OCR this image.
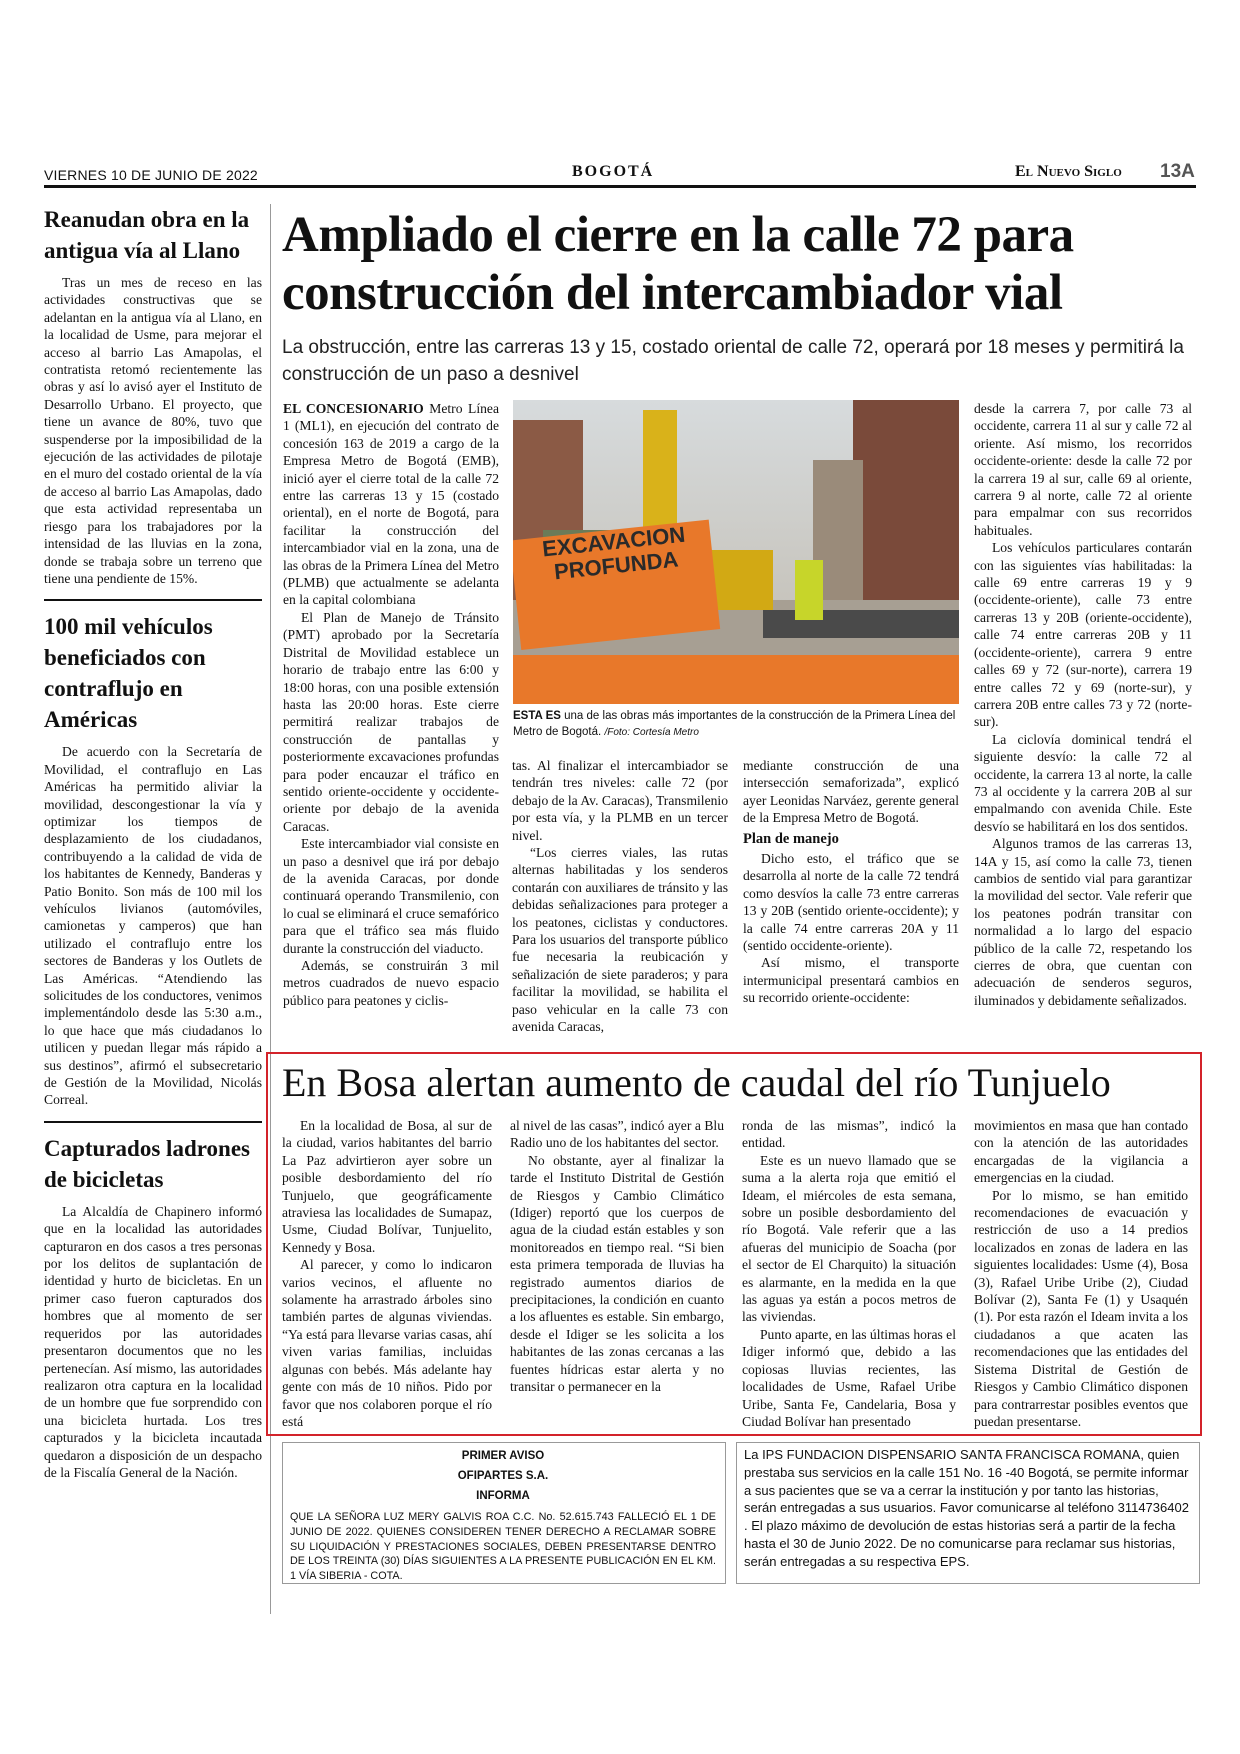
VIERNES 10 DE JUNIO DE 2022	BOGOTÁ	El Nuevo Siglo 13A
Reanudan obra en la antigua vía al Llano

Tras un mes de receso en las actividades constructivas que se adelantan en la antigua vía al Llano, en la localidad de Usme, para mejorar el acceso al barrio Las Amapolas, el contratista retomó recientemente las obras y así lo avisó ayer el Instituto de Desarrollo Urbano. El proyecto, que tiene un avance de 80%, tuvo que suspenderse por la imposibilidad de la ejecución de las actividades de pilotaje en el muro del costado oriental de la vía de acceso al barrio Las Amapolas, dado que esta actividad representaba un riesgo para los trabajadores por la intensidad de las lluvias en la zona, donde se trabaja sobre un terreno que tiene una pendiente de 15%.

100 mil vehículos beneficiados con contraflujo en Américas

De acuerdo con la Secretaría de Movilidad, el contraflujo en Las Américas ha permitido aliviar la movilidad, descongestionar la vía y optimizar los tiempos de desplazamiento de los ciudadanos, contribuyendo a la calidad de vida de los habitantes de Kennedy, Banderas y Patio Bonito. Son más de 100 mil los vehículos livianos (automóviles, camionetas y camperos) que han utilizado el contraflujo entre los sectores de Banderas y los Outlets de Las Américas. “Atendiendo las solicitudes de los conductores, venimos implementándolo desde las 5:30 a.m., lo que hace que más ciudadanos lo utilicen y puedan llegar más rápido a sus destinos”, afirmó el subsecretario de Gestión de la Movilidad, Nicolás Correal.

Capturados ladrones de bicicletas

La Alcaldía de Chapinero informó que en la localidad las autoridades capturaron en dos casos a tres personas por los delitos de suplantación de identidad y hurto de bicicletas. En un primer caso fueron capturados dos hombres que al momento de ser requeridos por las autoridades presentaron documentos que no les pertenecían. Así mismo, las autoridades realizaron otra captura en la localidad de un hombre que fue sorprendido con una bicicleta hurtada. Los tres capturados y la bicicleta incautada quedaron a disposición de un despacho de la Fiscalía General de la Nación.

Ampliado el cierre en la calle 72 para construcción del intercambiador vial

La obstrucción, entre las carreras 13 y 15, costado oriental de calle 72, operará por 18 meses y permitirá la construcción de un paso a desnivel

EL CONCESIONARIO Metro Línea 1 (ML1), en ejecución del contrato de concesión 163 de 2019 a cargo de la Empresa Metro de Bogotá (EMB), inició ayer el cierre total de la calle 72 entre las carreras 13 y 15 (costado oriental), en el norte de Bogotá, para facilitar la construcción del intercambiador vial en la zona, una de las obras de la Primera Línea del Metro (PLMB) que actualmente se adelanta en la capital colombiana

El Plan de Manejo de Tránsito (PMT) aprobado por la Secretaría Distrital de Movilidad establece un horario de trabajo entre las 6:00 y 18:00 horas, con una posible extensión hasta las 20:00 horas. Este cierre permitirá realizar trabajos de construcción de pantallas y posteriormente excavaciones profundas para poder encauzar el tráfico en sentido oriente-occidente y occidente-oriente por debajo de la avenida Caracas.

Este intercambiador vial consiste en un paso a desnivel que irá por debajo de la avenida Caracas, por donde continuará operando Transmilenio, con lo cual se eliminará el cruce semafórico para que el tráfico sea más fluido durante la construcción del viaducto.

Además, se construirán 3 mil metros cuadrados de nuevo espacio público para peatones y ciclis-

EXCAVACION PROFUNDA
ESTA ES una de las obras más importantes de la construcción de la Primera Línea del Metro de Bogotá. /Foto: Cortesía Metro

tas. Al finalizar el intercambiador se tendrán tres niveles: calle 72 (por debajo de la Av. Caracas), Transmilenio por esta vía, y la PLMB en un tercer nivel.

“Los cierres viales, las rutas alternas habilitadas y los senderos contarán con auxiliares de tránsito y las debidas señalizaciones para proteger a los peatones, ciclistas y conductores. Para los usuarios del transporte público fue necesaria la reubicación y señalización de siete paraderos; y para facilitar la movilidad, se habilita el paso vehicular en la calle 73 con avenida Caracas,

mediante construcción de una intersección semaforizada”, explicó ayer Leonidas Narváez, gerente general de la Empresa Metro de Bogotá.

Plan de manejo

Dicho esto, el tráfico que se desarrolla al norte de la calle 72 tendrá como desvíos la calle 73 entre carreras 13 y 20B (sentido oriente-occidente); y la calle 74 entre carreras 20A y 11 (sentido occidente-oriente).

Así mismo, el transporte intermunicipal presentará cambios en su recorrido oriente-occidente:

desde la carrera 7, por calle 73 al occidente, carrera 11 al sur y calle 72 al oriente. Así mismo, los recorridos occidente-oriente: desde la calle 72 por la carrera 19 al sur, calle 69 al oriente, carrera 9 al norte, calle 72 al oriente para empalmar con sus recorridos habituales.

Los vehículos particulares contarán con las siguientes vías habilitadas: la calle 69 entre carreras 19 y 9 (occidente-oriente), calle 73 entre carreras 13 y 20B (oriente-occidente), calle 74 entre carreras 20B y 11 (occidente-oriente), carrera 9 entre calles 69 y 72 (sur-norte), carrera 19 entre calles 72 y 69 (norte-sur), y carrera 20B entre calles 73 y 72 (norte-sur).

La ciclovía dominical tendrá el siguiente desvío: la calle 72 al occidente, la carrera 13 al norte, la calle 73 al occidente y la carrera 20B al sur empalmando con avenida Chile. Este desvío se habilitará en los dos sentidos.

Algunos tramos de las carreras 13, 14A y 15, así como la calle 73, tienen cambios de sentido vial para garantizar la movilidad del sector. Vale referir que los peatones podrán transitar con normalidad a lo largo del espacio público de la calle 72, respetando los cierres de obra, que cuentan con adecuación de senderos seguros, iluminados y debidamente señalizados.

En Bosa alertan aumento de caudal del río Tunjuelo

En la localidad de Bosa, al sur de la ciudad, varios habitantes del barrio La Paz advirtieron ayer sobre un posible desbordamiento del río Tunjuelo, que geográficamente atraviesa las localidades de Sumapaz, Usme, Ciudad Bolívar, Tunjuelito, Kennedy y Bosa.

Al parecer, y como lo indicaron varios vecinos, el afluente no solamente ha arrastrado árboles sino también partes de algunas viviendas. “Ya está para llevarse varias casas, ahí viven varias familias, incluidas algunas con bebés. Más adelante hay gente con más de 10 niños. Pido por favor que nos colaboren porque el río está

al nivel de las casas”, indicó ayer a Blu Radio uno de los habitantes del sector.

No obstante, ayer al finalizar la tarde el Instituto Distrital de Gestión de Riesgos y Cambio Climático (Idiger) reportó que los cuerpos de agua de la ciudad están estables y son monitoreados en tiempo real. “Si bien esta primera temporada de lluvias ha registrado aumentos diarios de precipitaciones, la condición en cuanto a los afluentes es estable. Sin embargo, desde el Idiger se les solicita a los habitantes de las zonas cercanas a las fuentes hídricas estar alerta y no transitar o permanecer en la

ronda de las mismas”, indicó la entidad.

Este es un nuevo llamado que se suma a la alerta roja que emitió el Ideam, el miércoles de esta semana, sobre un posible desbordamiento del río Bogotá. Vale referir que a las afueras del municipio de Soacha (por el sector de El Charquito) la situación es alarmante, en la medida en la que las aguas ya están a pocos metros de las viviendas.

Punto aparte, en las últimas horas el Idiger informó que, debido a las copiosas lluvias recientes, las localidades de Usme, Rafael Uribe Uribe, Santa Fe, Candelaria, Bosa y Ciudad Bolívar han presentado

movimientos en masa que han contado con la atención de las autoridades encargadas de la vigilancia a emergencias en la ciudad.

Por lo mismo, se han emitido recomendaciones de evacuación y restricción de uso a 14 predios localizados en zonas de ladera en las siguientes localidades: Usme (4), Bosa (3), Rafael Uribe Uribe (2), Ciudad Bolívar (2), Santa Fe (1) y Usaquén (1). Por esta razón el Ideam invita a los ciudadanos a que acaten las recomendaciones que las entidades del Sistema Distrital de Gestión de Riesgos y Cambio Climático disponen para contrarrestar posibles eventos que puedan presentarse.

PRIMER AVISO
OFIPARTES S.A.
INFORMA
QUE LA SEÑORA LUZ MERY GALVIS ROA C.C. No. 52.615.743 FALLECIÓ EL 1 DE JUNIO DE 2022. QUIENES CONSIDEREN TENER DERECHO A RECLAMAR SOBRE SU LIQUIDACIÓN Y PRESTACIONES SOCIALES, DEBEN PRESENTARSE DENTRO DE LOS TREINTA (30) DÍAS SIGUIENTES A LA PRESENTE PUBLICACIÓN EN EL KM. 1 VÍA SIBERIA - COTA.
La IPS FUNDACION DISPENSARIO SANTA FRANCISCA ROMANA, quien prestaba sus servicios en la calle 151 No. 16 -40 Bogotá, se permite informar a sus pacientes que se va a cerrar la institución y por tanto las historias, serán entregadas a sus usuarios. Favor comunicarse al teléfono 3114736402 . El plazo máximo de devolución de estas historias será a partir de la fecha hasta el 30 de Junio 2022. De no comunicarse para reclamar sus historias, serán entregadas a su respectiva EPS.
